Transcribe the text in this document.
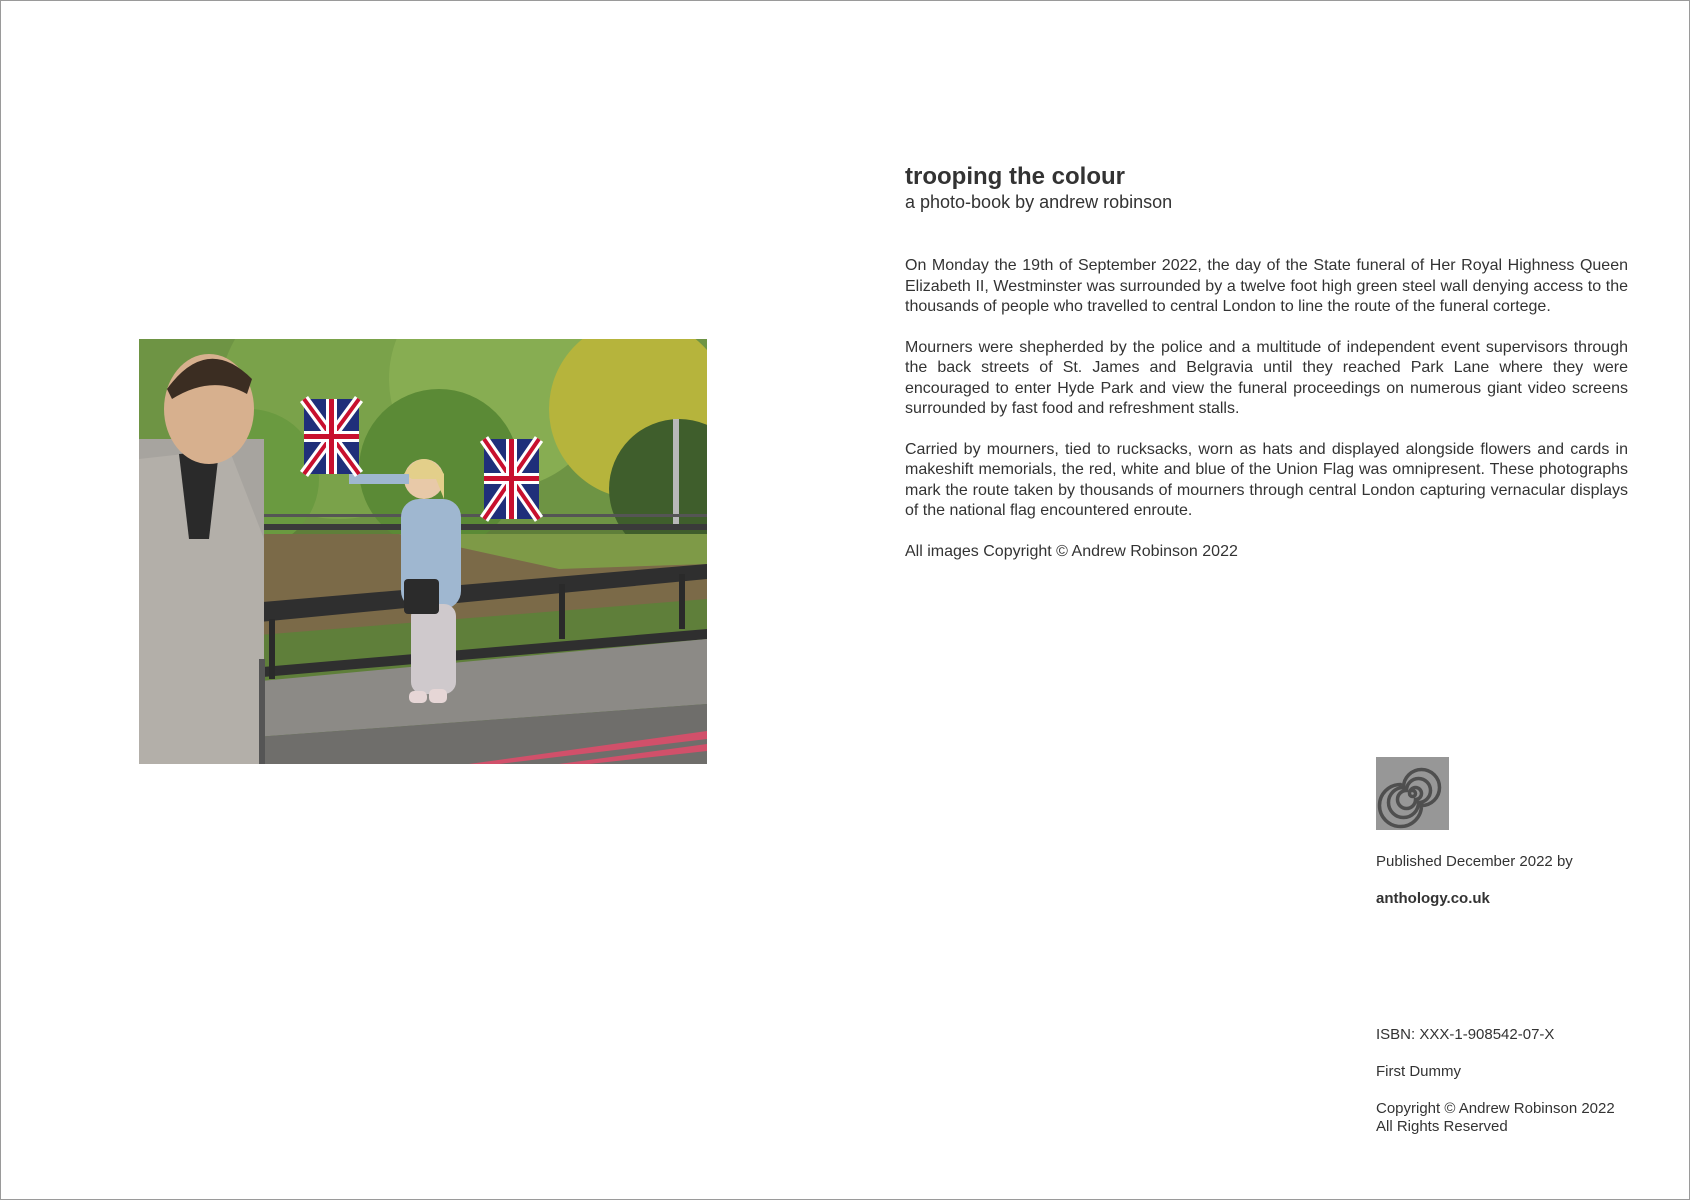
trooping the colour

a photo-book by andrew robinson

On Monday the 19th of September 2022, the day of the State funeral of Her Royal Highness Queen Elizabeth II, Westminster was surrounded by a twelve foot high green steel wall denying access to the thousands of people who travelled to central London to line the route of the funeral cortege.

Mourners were shepherded by the police and a multitude of independent event supervisors through the back streets of St. James and Belgravia until they reached Park Lane where they were encouraged to enter Hyde Park and view the funeral proceedings on numerous giant video screens surrounded by fast food and refreshment stalls.

Carried by mourners, tied to rucksacks, worn as hats and displayed alongside flowers and cards in makeshift memorials, the red, white and blue of the Union Flag was omnipresent. These photographs mark the route taken by thousands of mourners through central London capturing vernacular displays of the national flag encountered enroute.

All images Copyright © Andrew Robinson 2022

Published December 2022 by

anthology.co.uk

ISBN: XXX-1-908542-07-X

First Dummy

Copyright © Andrew Robinson 2022

All Rights Reserved
